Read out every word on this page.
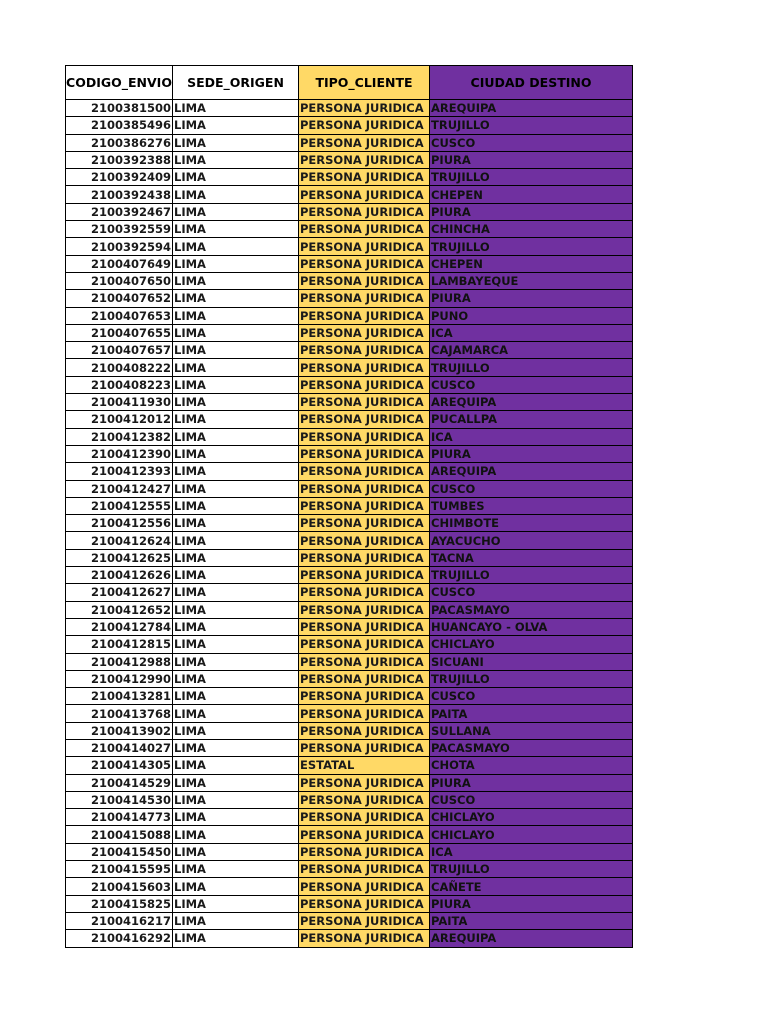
CODIGO_ENVIO	SEDE_ORIGEN	TIPO_CLIENTE	CIUDAD DESTINO
2100381500	LIMA	PERSONA JURIDICA	AREQUIPA
2100385496	LIMA	PERSONA JURIDICA	TRUJILLO
2100386276	LIMA	PERSONA JURIDICA	CUSCO
2100392388	LIMA	PERSONA JURIDICA	PIURA
2100392409	LIMA	PERSONA JURIDICA	TRUJILLO
2100392438	LIMA	PERSONA JURIDICA	CHEPEN
2100392467	LIMA	PERSONA JURIDICA	PIURA
2100392559	LIMA	PERSONA JURIDICA	CHINCHA
2100392594	LIMA	PERSONA JURIDICA	TRUJILLO
2100407649	LIMA	PERSONA JURIDICA	CHEPEN
2100407650	LIMA	PERSONA JURIDICA	LAMBAYEQUE
2100407652	LIMA	PERSONA JURIDICA	PIURA
2100407653	LIMA	PERSONA JURIDICA	PUNO
2100407655	LIMA	PERSONA JURIDICA	ICA
2100407657	LIMA	PERSONA JURIDICA	CAJAMARCA
2100408222	LIMA	PERSONA JURIDICA	TRUJILLO
2100408223	LIMA	PERSONA JURIDICA	CUSCO
2100411930	LIMA	PERSONA JURIDICA	AREQUIPA
2100412012	LIMA	PERSONA JURIDICA	PUCALLPA
2100412382	LIMA	PERSONA JURIDICA	ICA
2100412390	LIMA	PERSONA JURIDICA	PIURA
2100412393	LIMA	PERSONA JURIDICA	AREQUIPA
2100412427	LIMA	PERSONA JURIDICA	CUSCO
2100412555	LIMA	PERSONA JURIDICA	TUMBES
2100412556	LIMA	PERSONA JURIDICA	CHIMBOTE
2100412624	LIMA	PERSONA JURIDICA	AYACUCHO
2100412625	LIMA	PERSONA JURIDICA	TACNA
2100412626	LIMA	PERSONA JURIDICA	TRUJILLO
2100412627	LIMA	PERSONA JURIDICA	CUSCO
2100412652	LIMA	PERSONA JURIDICA	PACASMAYO
2100412784	LIMA	PERSONA JURIDICA	HUANCAYO - OLVA
2100412815	LIMA	PERSONA JURIDICA	CHICLAYO
2100412988	LIMA	PERSONA JURIDICA	SICUANI
2100412990	LIMA	PERSONA JURIDICA	TRUJILLO
2100413281	LIMA	PERSONA JURIDICA	CUSCO
2100413768	LIMA	PERSONA JURIDICA	PAITA
2100413902	LIMA	PERSONA JURIDICA	SULLANA
2100414027	LIMA	PERSONA JURIDICA	PACASMAYO
2100414305	LIMA	ESTATAL	CHOTA
2100414529	LIMA	PERSONA JURIDICA	PIURA
2100414530	LIMA	PERSONA JURIDICA	CUSCO
2100414773	LIMA	PERSONA JURIDICA	CHICLAYO
2100415088	LIMA	PERSONA JURIDICA	CHICLAYO
2100415450	LIMA	PERSONA JURIDICA	ICA
2100415595	LIMA	PERSONA JURIDICA	TRUJILLO
2100415603	LIMA	PERSONA JURIDICA	CAÑETE
2100415825	LIMA	PERSONA JURIDICA	PIURA
2100416217	LIMA	PERSONA JURIDICA	PAITA
2100416292	LIMA	PERSONA JURIDICA	AREQUIPA
